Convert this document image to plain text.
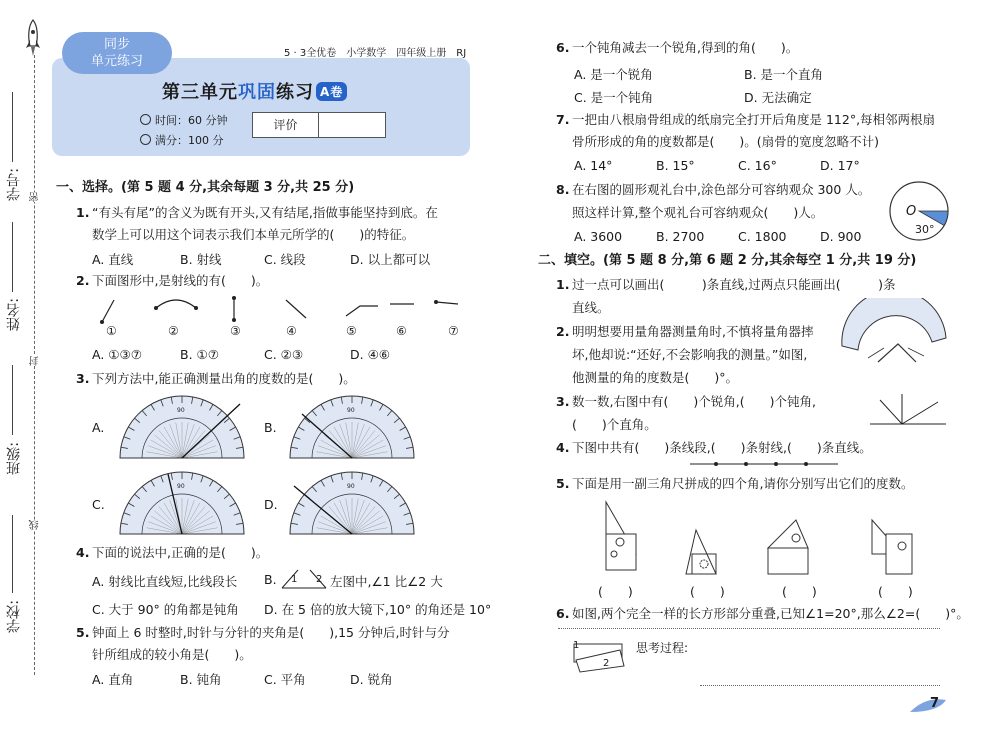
学号:
姓名:
班级:
学校:
密
封
线
同步
单元练习
5 · 3全优卷 小学数学 四年级上册 RJ
第三单元巩固练习 A卷
时间：60 分钟
满分：100 分
评价
一、选择。(第 5 题 4 分,其余每题 3 分,共 25 分)
1. “有头有尾”的含义为既有开头,又有结尾,指做事能坚持到底。在
数学上可以用这个词表示我们本单元所学的(　　)的特征。
A. 直线	B. 射线	C. 线段	D. 以上都可以
2. 下面图形中,是射线的有(　　)。
①	②	③	④	⑤	⑥	⑦
A. ①③⑦	B. ①⑦	C. ②③	D. ④⑥
3. 下列方法中,能正确测量出角的度数的是(　　)。
A.	B.
C.	D.
90	90
90	90
4. 下面的说法中,正确的是(　　)。
A. 射线比直线短,比线段长 B. 1 2 左图中,∠1 比∠2 大
C. 大于 90° 的角都是钝角 D. 在 5 倍的放大镜下,10° 的角还是 10°
5. 钟面上 6 时整时,时针与分针的夹角是(　　),15 分钟后,时针与分
针所组成的较小角是(　　)。
A. 直角	B. 钝角	C. 平角	D. 锐角
6. 一个钝角减去一个锐角,得到的角(　　)。
A. 是一个锐角	B. 是一个直角
C. 是一个钝角	D. 无法确定
7. 一把由八根扇骨组成的纸扇完全打开后角度是 112°,每相邻两根扇
骨所形成的角的度数都是(　　)。(扇骨的宽度忽略不计)
A. 14°	B. 15°	C. 16°	D. 17°
8. 在右图的圆形观礼台中,涂色部分可容纳观众 300 人。
照这样计算,整个观礼台可容纳观众(　　)人。
A. 3600	B. 2700	C. 1800	D. 900
O
30°
二、填空。(第 5 题 8 分,第 6 题 2 分,其余每空 1 分,共 19 分)
1. 过一点可以画出(　　　)条直线,过两点只能画出(　　　)条
直线。
2. 明明想要用量角器测量角时,不慎将量角器摔
坏,他却说:“还好,不会影响我的测量。”如图,
他测量的角的度数是(　　)°。
3. 数一数,右图中有(　　)个锐角,(　　)个钝角,
(　　)个直角。
4. 下图中共有(　　)条线段,(　　)条射线,(　　)条直线。
5. 下面是用一副三角尺拼成的四个角,请你分别写出它们的度数。
(　　)	(　　)	(　　)	(　　)
6. 如图,两个完全一样的长方形部分重叠,已知∠1=20°,那么∠2=(　　)°。
1
2
思考过程:
7
